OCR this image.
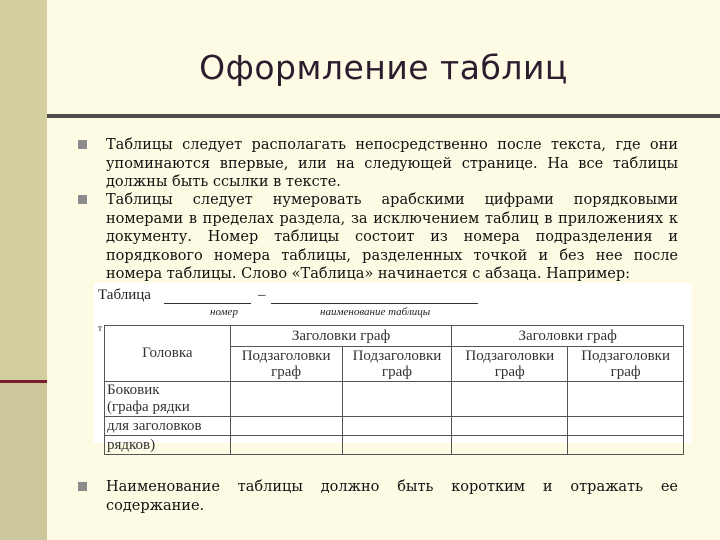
Оформление таблиц
Таблицы следует располагать непосредственно после текста, где они упоминаются впервые, или на следующей странице. На все таблицы должны быть ссылки в тексте.
Таблицы следует нумеровать арабскими цифрами порядковыми номерами в пределах раздела, за исключением таблиц в приложениях к документу. Номер таблицы состоит из номера подразделения и порядкового номера таблицы, разделенных точкой и без нее после номера таблицы. Слово «Таблица» начинается с абзаца. Например:
Таблица	–
номер	наименование таблицы
т
Головка	Заголовки граф		Заголовки граф	
	Подзаголовки граф	Подзаголовки граф	Подзаголовки граф	Подзаголовки граф
Боковик (графа рядки				
для заголовков				
рядков)				
Наименование таблицы должно быть коротким и отражать ее содержание.
